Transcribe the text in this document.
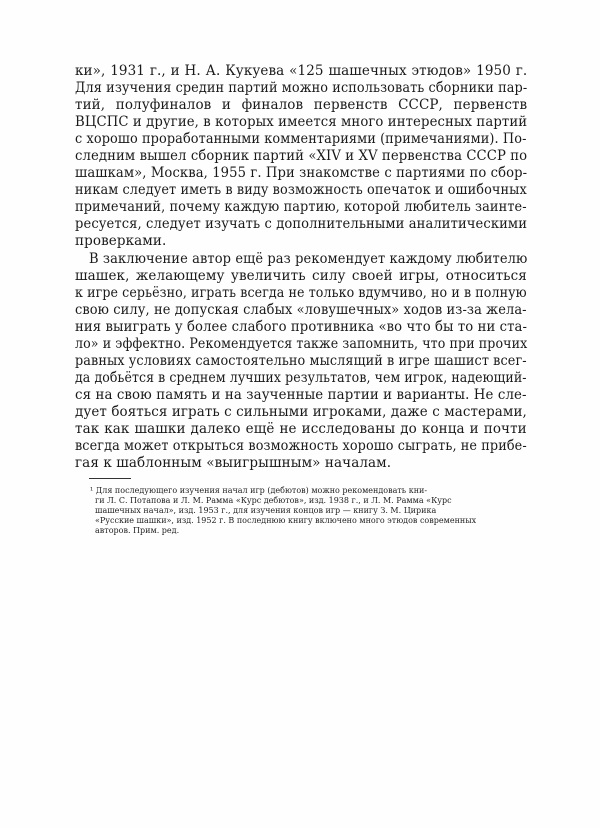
ки», 1931 г., и Н. А. Кукуева «125 шашечных этюдов» 1950 г.
Для изучения средин партий можно использовать сборники пар-
тий, полуфиналов и финалов первенств СССР, первенств
ВЦСПС и другие, в которых имеется много интересных партий
с хорошо проработанными комментариями (примечаниями). По-
следним вышел сборник партий «XIV и XV первенства СССР по
шашкам», Москва, 1955 г. При знакомстве с партиями по сбор-
никам следует иметь в виду возможность опечаток и ошибочных
примечаний, почему каждую партию, которой любитель заинте-
ресуется, следует изучать с дополнительными аналитическими
проверками.
В заключение автор ещё раз рекомендует каждому любителю
шашек, желающему увеличить силу своей игры, относиться
к игре серьёзно, играть всегда не только вдумчиво, но и в полную
свою силу, не допуская слабых «ловушечных» ходов из-за жела-
ния выиграть у более слабого противника «во что бы то ни ста-
ло» и эффектно. Рекомендуется также запомнить, что при прочих
равных условиях самостоятельно мыслящий в игре шашист всег-
да добьётся в среднем лучших результатов, чем игрок, надеющий-
ся на свою память и на заученные партии и варианты. Не сле-
дует бояться играть с сильными игроками, даже с мастерами,
так как шашки далеко ещё не исследованы до конца и почти
всегда может открыться возможность хорошо сыграть, не прибе-
гая к шаблонным «выигрышным» началам.
¹ Для последующего изучения начал игр (дебютов) можно рекомендовать кни-
ги Л. С. Потапова и Л. М. Рамма «Курс дебютов», изд. 1938 г., и Л. М. Рамма «Курс
шашечных начал», изд. 1953 г., для изучения концов игр — книгу З. М. Цирика
«Русские шашки», изд. 1952 г. В последнюю книгу включено много этюдов современных
авторов. Прим. ред.
